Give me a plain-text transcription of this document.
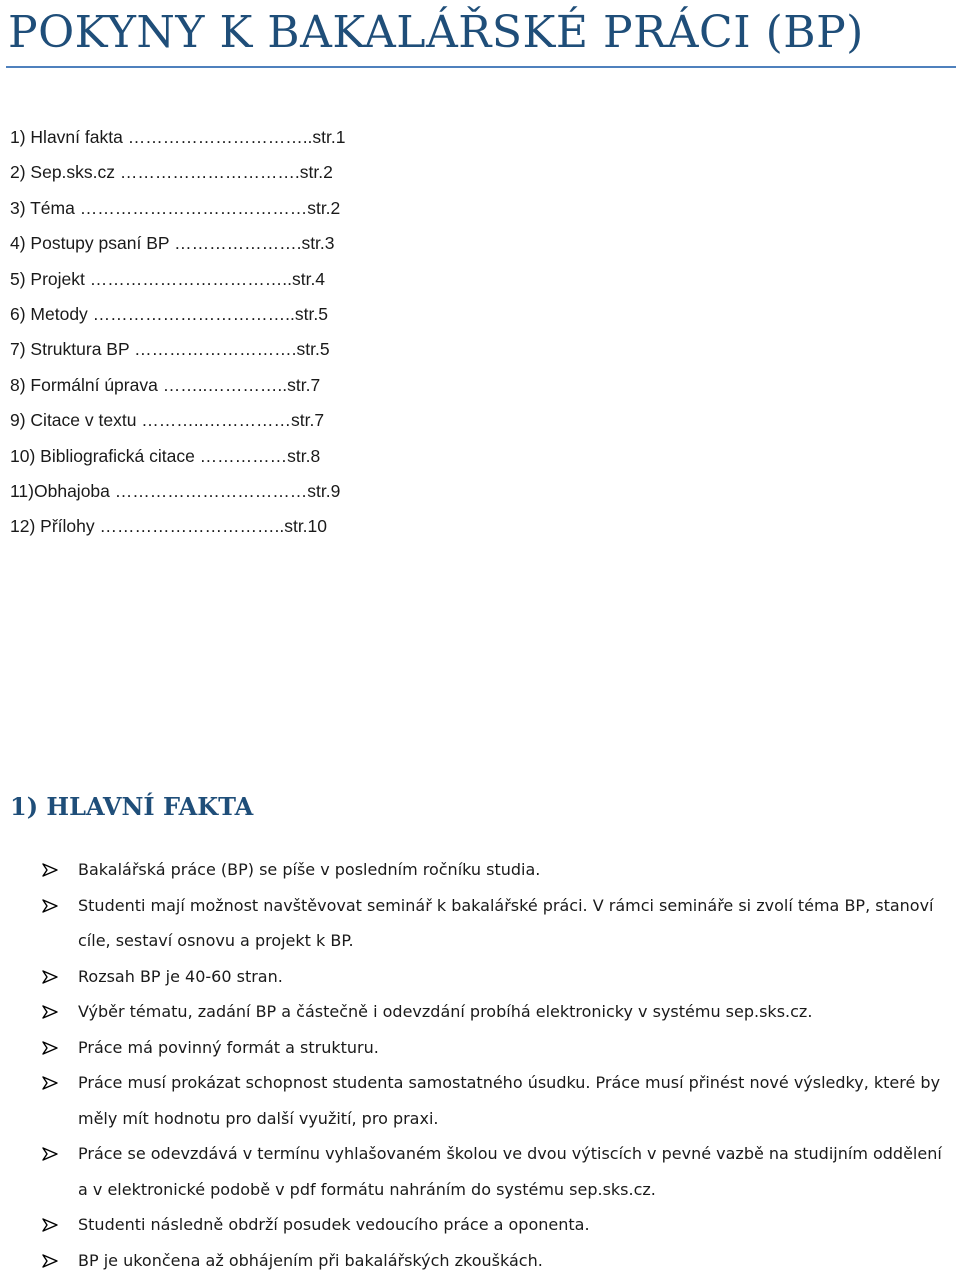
POKYNY K BAKALÁŘSKÉ PRÁCI (BP)
1) Hlavní fakta …………………………..str.1
2) Sep.sks.cz ………………………….str.2
3) Téma …………………………………str.2
4) Postupy psaní BP ………………….str.3
5) Projekt ……………………………..str.4
6) Metody ……………………………..str.5
7) Struktura BP ……………………….str.5
8) Formální úprava ……..…………..str.7
9) Citace v textu ………..……………str.7
10) Bibliografická citace ……………str.8
11)Obhajoba ……………………………str.9
12) Přílohy …………………………..str.10
1) HLAVNÍ FAKTA
Bakalářská práce (BP) se píše v posledním ročníku studia.
Studenti mají možnost navštěvovat seminář k bakalářské práci. V rámci semináře si zvolí téma BP, stanoví cíle, sestaví osnovu a projekt k BP.
Rozsah BP je 40-60 stran.
Výběr tématu, zadání BP a částečně i odevzdání probíhá elektronicky v systému sep.sks.cz.
Práce má povinný formát a strukturu.
Práce musí prokázat schopnost studenta samostatného úsudku. Práce musí přinést nové výsledky, které by měly mít hodnotu pro další využití, pro praxi.
Práce se odevzdává v termínu vyhlašovaném školou ve dvou výtiscích v pevné vazbě na studijním oddělení a v elektronické podobě v pdf formátu nahráním do systému sep.sks.cz.
Studenti následně obdrží posudek vedoucího práce a oponenta.
BP je ukončena až obhájením při bakalářských zkouškách.
